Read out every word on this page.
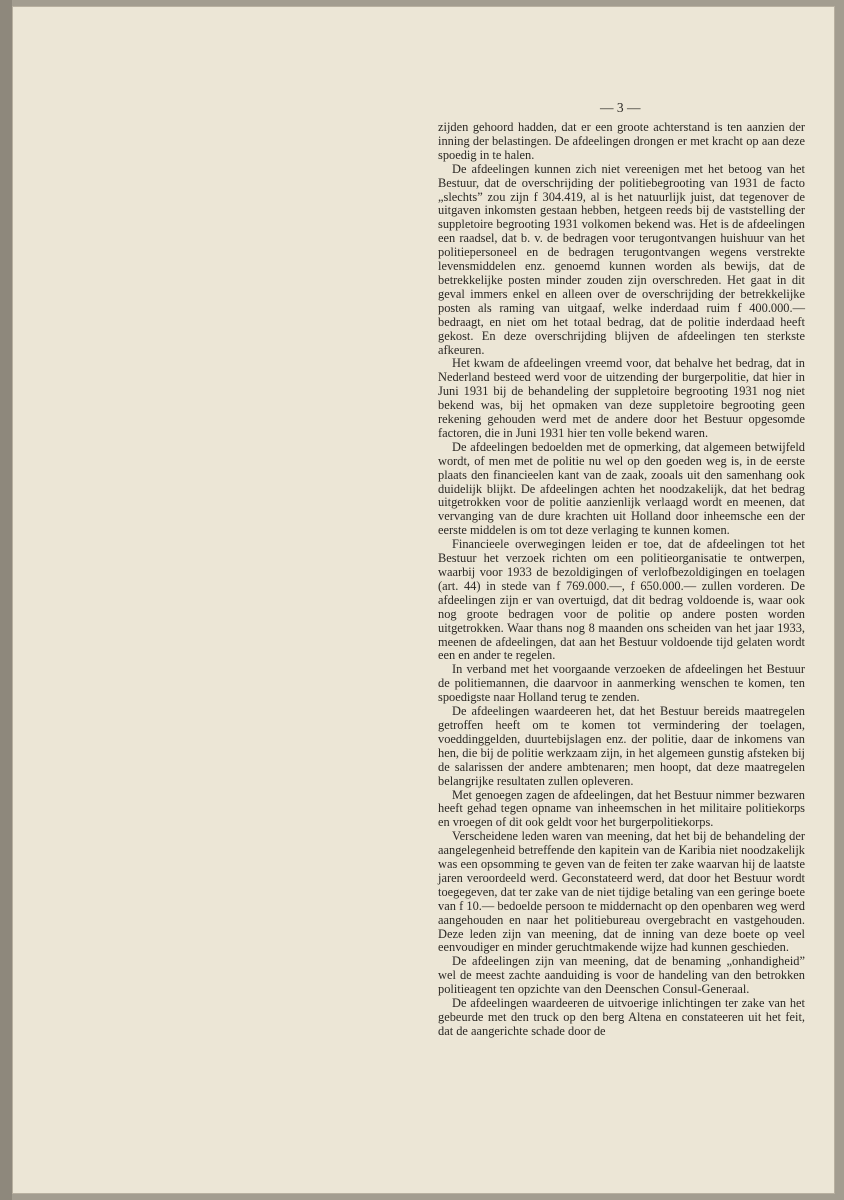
— 3 —

zijden gehoord hadden, dat er een groote achterstand is ten aanzien der inning der belastingen. De afdeelingen drongen er met kracht op aan deze spoedig in te halen.

De afdeelingen kunnen zich niet vereenigen met het betoog van het Bestuur, dat de overschrijding der politiebegrooting van 1931 de facto „slechts” zou zijn f 304.419, al is het natuurlijk juist, dat tegenover de uitgaven inkomsten gestaan hebben, hetgeen reeds bij de vaststelling der suppletoire begrooting 1931 volkomen bekend was. Het is de afdeelingen een raadsel, dat b. v. de bedragen voor terugontvangen huishuur van het politiepersoneel en de bedragen terugontvangen wegens verstrekte levensmiddelen enz. genoemd kunnen worden als bewijs, dat de betrekkelijke posten minder zouden zijn overschreden. Het gaat in dit geval immers enkel en alleen over de overschrijding der betrekkelijke posten als raming van uitgaaf, welke inderdaad ruim f 400.000.— bedraagt, en niet om het totaal bedrag, dat de politie inderdaad heeft gekost. En deze overschrijding blijven de afdeelingen ten sterkste afkeuren.

Het kwam de afdeelingen vreemd voor, dat behalve het bedrag, dat in Nederland besteed werd voor de uitzending der burgerpolitie, dat hier in Juni 1931 bij de behandeling der suppletoire begrooting 1931 nog niet bekend was, bij het opmaken van deze suppletoire begrooting geen rekening gehouden werd met de andere door het Bestuur opgesomde factoren, die in Juni 1931 hier ten volle bekend waren.

De afdeelingen bedoelden met de opmerking, dat algemeen betwijfeld wordt, of men met de politie nu wel op den goeden weg is, in de eerste plaats den financieelen kant van de zaak, zooals uit den samenhang ook duidelijk blijkt. De afdeelingen achten het noodzakelijk, dat het bedrag uitgetrokken voor de politie aanzienlijk verlaagd wordt en meenen, dat vervanging van de dure krachten uit Holland door inheemsche een der eerste middelen is om tot deze verlaging te kunnen komen.

Financieele overwegingen leiden er toe, dat de afdeelingen tot het Bestuur het verzoek richten om een politieorganisatie te ontwerpen, waarbij voor 1933 de bezoldigingen of verlofbezoldigingen en toelagen (art. 44) in stede van f 769.000.—, f 650.000.— zullen vorderen. De afdeelingen zijn er van overtuigd, dat dit bedrag voldoende is, waar ook nog groote bedragen voor de politie op andere posten worden uitgetrokken. Waar thans nog 8 maanden ons scheiden van het jaar 1933, meenen de afdeelingen, dat aan het Bestuur voldoende tijd gelaten wordt een en ander te regelen.

In verband met het voorgaande verzoeken de afdeelingen het Bestuur de politiemannen, die daarvoor in aanmerking wenschen te komen, ten spoedigste naar Holland terug te zenden.

De afdeelingen waardeeren het, dat het Bestuur bereids maatregelen getroffen heeft om te komen tot vermindering der toelagen, voeddinggelden, duurtebijslagen enz. der politie, daar de inkomens van hen, die bij de politie werkzaam zijn, in het algemeen gunstig afsteken bij de salarissen der andere ambtenaren; men hoopt, dat deze maatregelen belangrijke resultaten zullen opleveren.

Met genoegen zagen de afdeelingen, dat het Bestuur nimmer bezwaren heeft gehad tegen opname van inheemschen in het militaire politiekorps en vroegen of dit ook geldt voor het burgerpolitiekorps.

Verscheidene leden waren van meening, dat het bij de behandeling der aangelegenheid betreffende den kapitein van de Karibia niet noodzakelijk was een opsomming te geven van de feiten ter zake waarvan hij de laatste jaren veroordeeld werd. Geconstateerd werd, dat door het Bestuur wordt toegegeven, dat ter zake van de niet tijdige betaling van een geringe boete van f 10.— bedoelde persoon te middernacht op den openbaren weg werd aangehouden en naar het politiebureau overgebracht en vastgehouden. Deze leden zijn van meening, dat de inning van deze boete op veel eenvoudiger en minder geruchtmakende wijze had kunnen geschieden.

De afdeelingen zijn van meening, dat de benaming „onhandigheid” wel de meest zachte aanduiding is voor de handeling van den betrokken politieagent ten opzichte van den Deenschen Consul-Generaal.

De afdeelingen waardeeren de uitvoerige inlichtingen ter zake van het gebeurde met den truck op den berg Altena en constateeren uit het feit, dat de aangerichte schade door de
